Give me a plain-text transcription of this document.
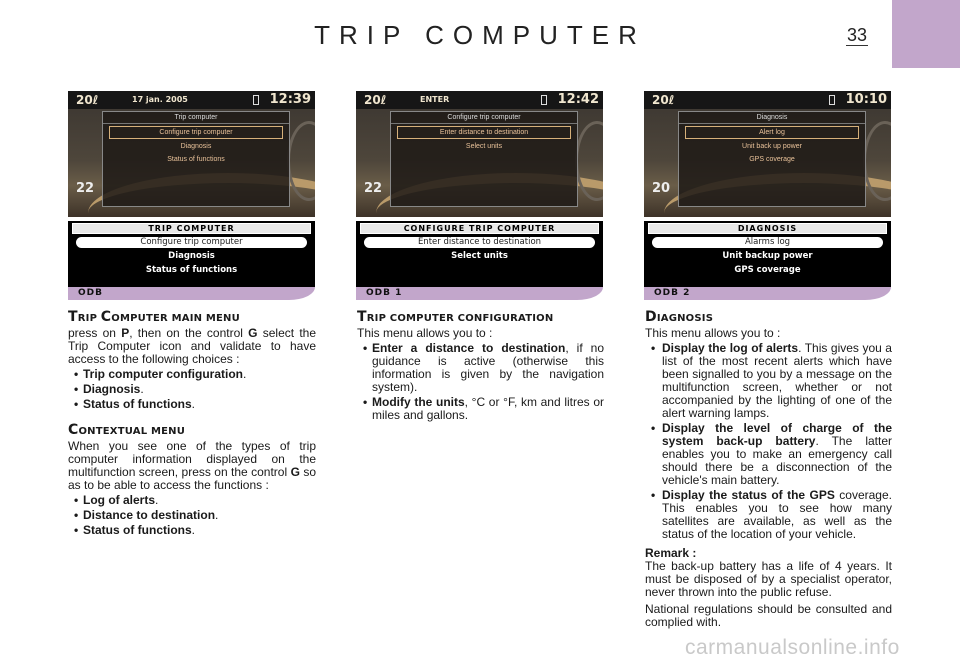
TRIP COMPUTER	33
20ℓ	17 jan. 2005	12:39
22
Trip computer
Configure trip computer
Diagnosis
Status of functions
TRIP COMPUTER
Configure trip computer
Diagnosis
Status of functions
ODB
20ℓ	ENTER	12:42
22
Configure trip computer
Enter distance to destination
Select units
CONFIGURE TRIP COMPUTER
Enter distance to destination
Select units
ODB 1
20ℓ	10:10
20
Diagnosis
Alert log
Unit back up power
GPS coverage
DIAGNOSIS
Alarms log
Unit backup power
GPS coverage
ODB 2
TRIP COMPUTER MAIN MENU
press on P, then on the control G select the Trip Computer icon and validate to have access to the following choices :
• Trip computer configuration.
• Diagnosis.
• Status of functions.
CONTEXTUAL MENU
When you see one of the types of trip computer information displayed on the multifunction screen, press on the control G so as to be able to access the functions :
• Log of alerts.
• Distance to destination.
• Status of functions.
TRIP COMPUTER CONFIGURATION
This menu allows you to :
• Enter a distance to destination, if no guidance is active (otherwise this information is given by the navigation system).
• Modify the units, °C or °F, km and litres or miles and gallons.
DIAGNOSIS
This menu allows you to :
• Display the log of alerts. This gives you a list of the most recent alerts which have been signalled to you by a message on the multifunction screen, whether or not accompanied by the lighting of one of the alert warning lamps.
• Display the level of charge of the system back-up battery. The latter enables you to make an emergency call should there be a disconnection of the vehicle's main battery.
• Display the status of the GPS coverage. This enables you to see how many satellites are available, as well as the status of the location of your vehicle.
Remark :
The back-up battery has a life of 4 years. It must be disposed of by a specialist operator, never thrown into the public refuse.
National regulations should be consulted and complied with.
carmanualsonline.info
